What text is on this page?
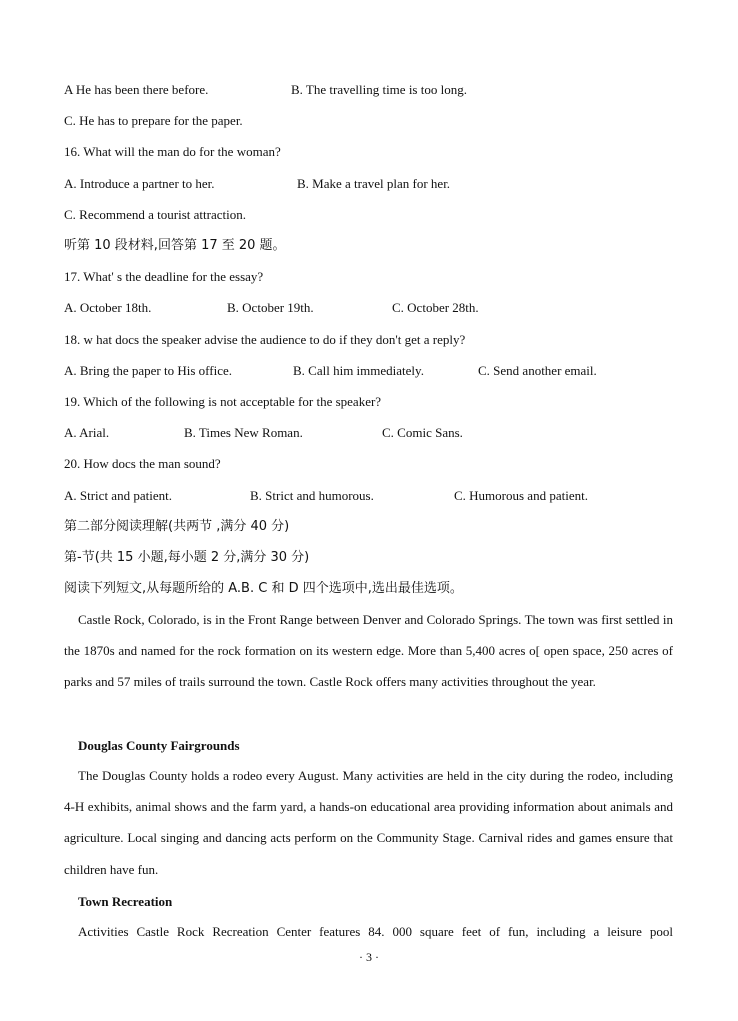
A He has been there before.	B. The travelling time is too long.
C. He has to prepare for the paper.
16. What will the man do for the woman?
A. Introduce a partner to her.	B. Make a travel plan for her.
C. Recommend a tourist attraction.
听第 10 段材料,回答第 17 至 20 题。
17. What' s the deadline for the essay?
A. October 18th.	B. October 19th.	C. October 28th.
18. w hat docs the speaker advise the audience to do if they don't get a reply?
A. Bring the paper to His office.	B. Call him immediately.	C. Send another email.
19. Which of the following is not acceptable for the speaker?
A. Arial.	B. Times New Roman.	C. Comic Sans.
20. How docs the man sound?
A. Strict and patient.	B. Strict and humorous.	C. Humorous and patient.
第二部分阅读理解(共两节 ,满分 40 分)
第-节(共 15 小题,每小题 2 分,满分 30 分)
阅读下列短文,从每题所给的 A.B. C 和 D 四个选项中,选出最佳选项。
Castle Rock, Colorado, is in the Front Range between Denver and Colorado Springs. The town was first settled in the 1870s and named for the rock formation on its western edge. More than 5,400 acres o[ open space, 250 acres of parks and 57 miles of trails surround the town. Castle Rock offers many activities throughout the year.
Douglas County Fairgrounds
The Douglas County holds a rodeo every August. Many activities are held in the city during the rodeo, including 4-H exhibits, animal shows and the farm yard, a hands-on educational area providing information about animals and agriculture. Local singing and dancing acts perform on the Community Stage. Carnival rides and games ensure that children have fun.
Town Recreation
Activities Castle Rock Recreation Center features 84. 000 square feet of fun, including a leisure pool
· 3 ·
